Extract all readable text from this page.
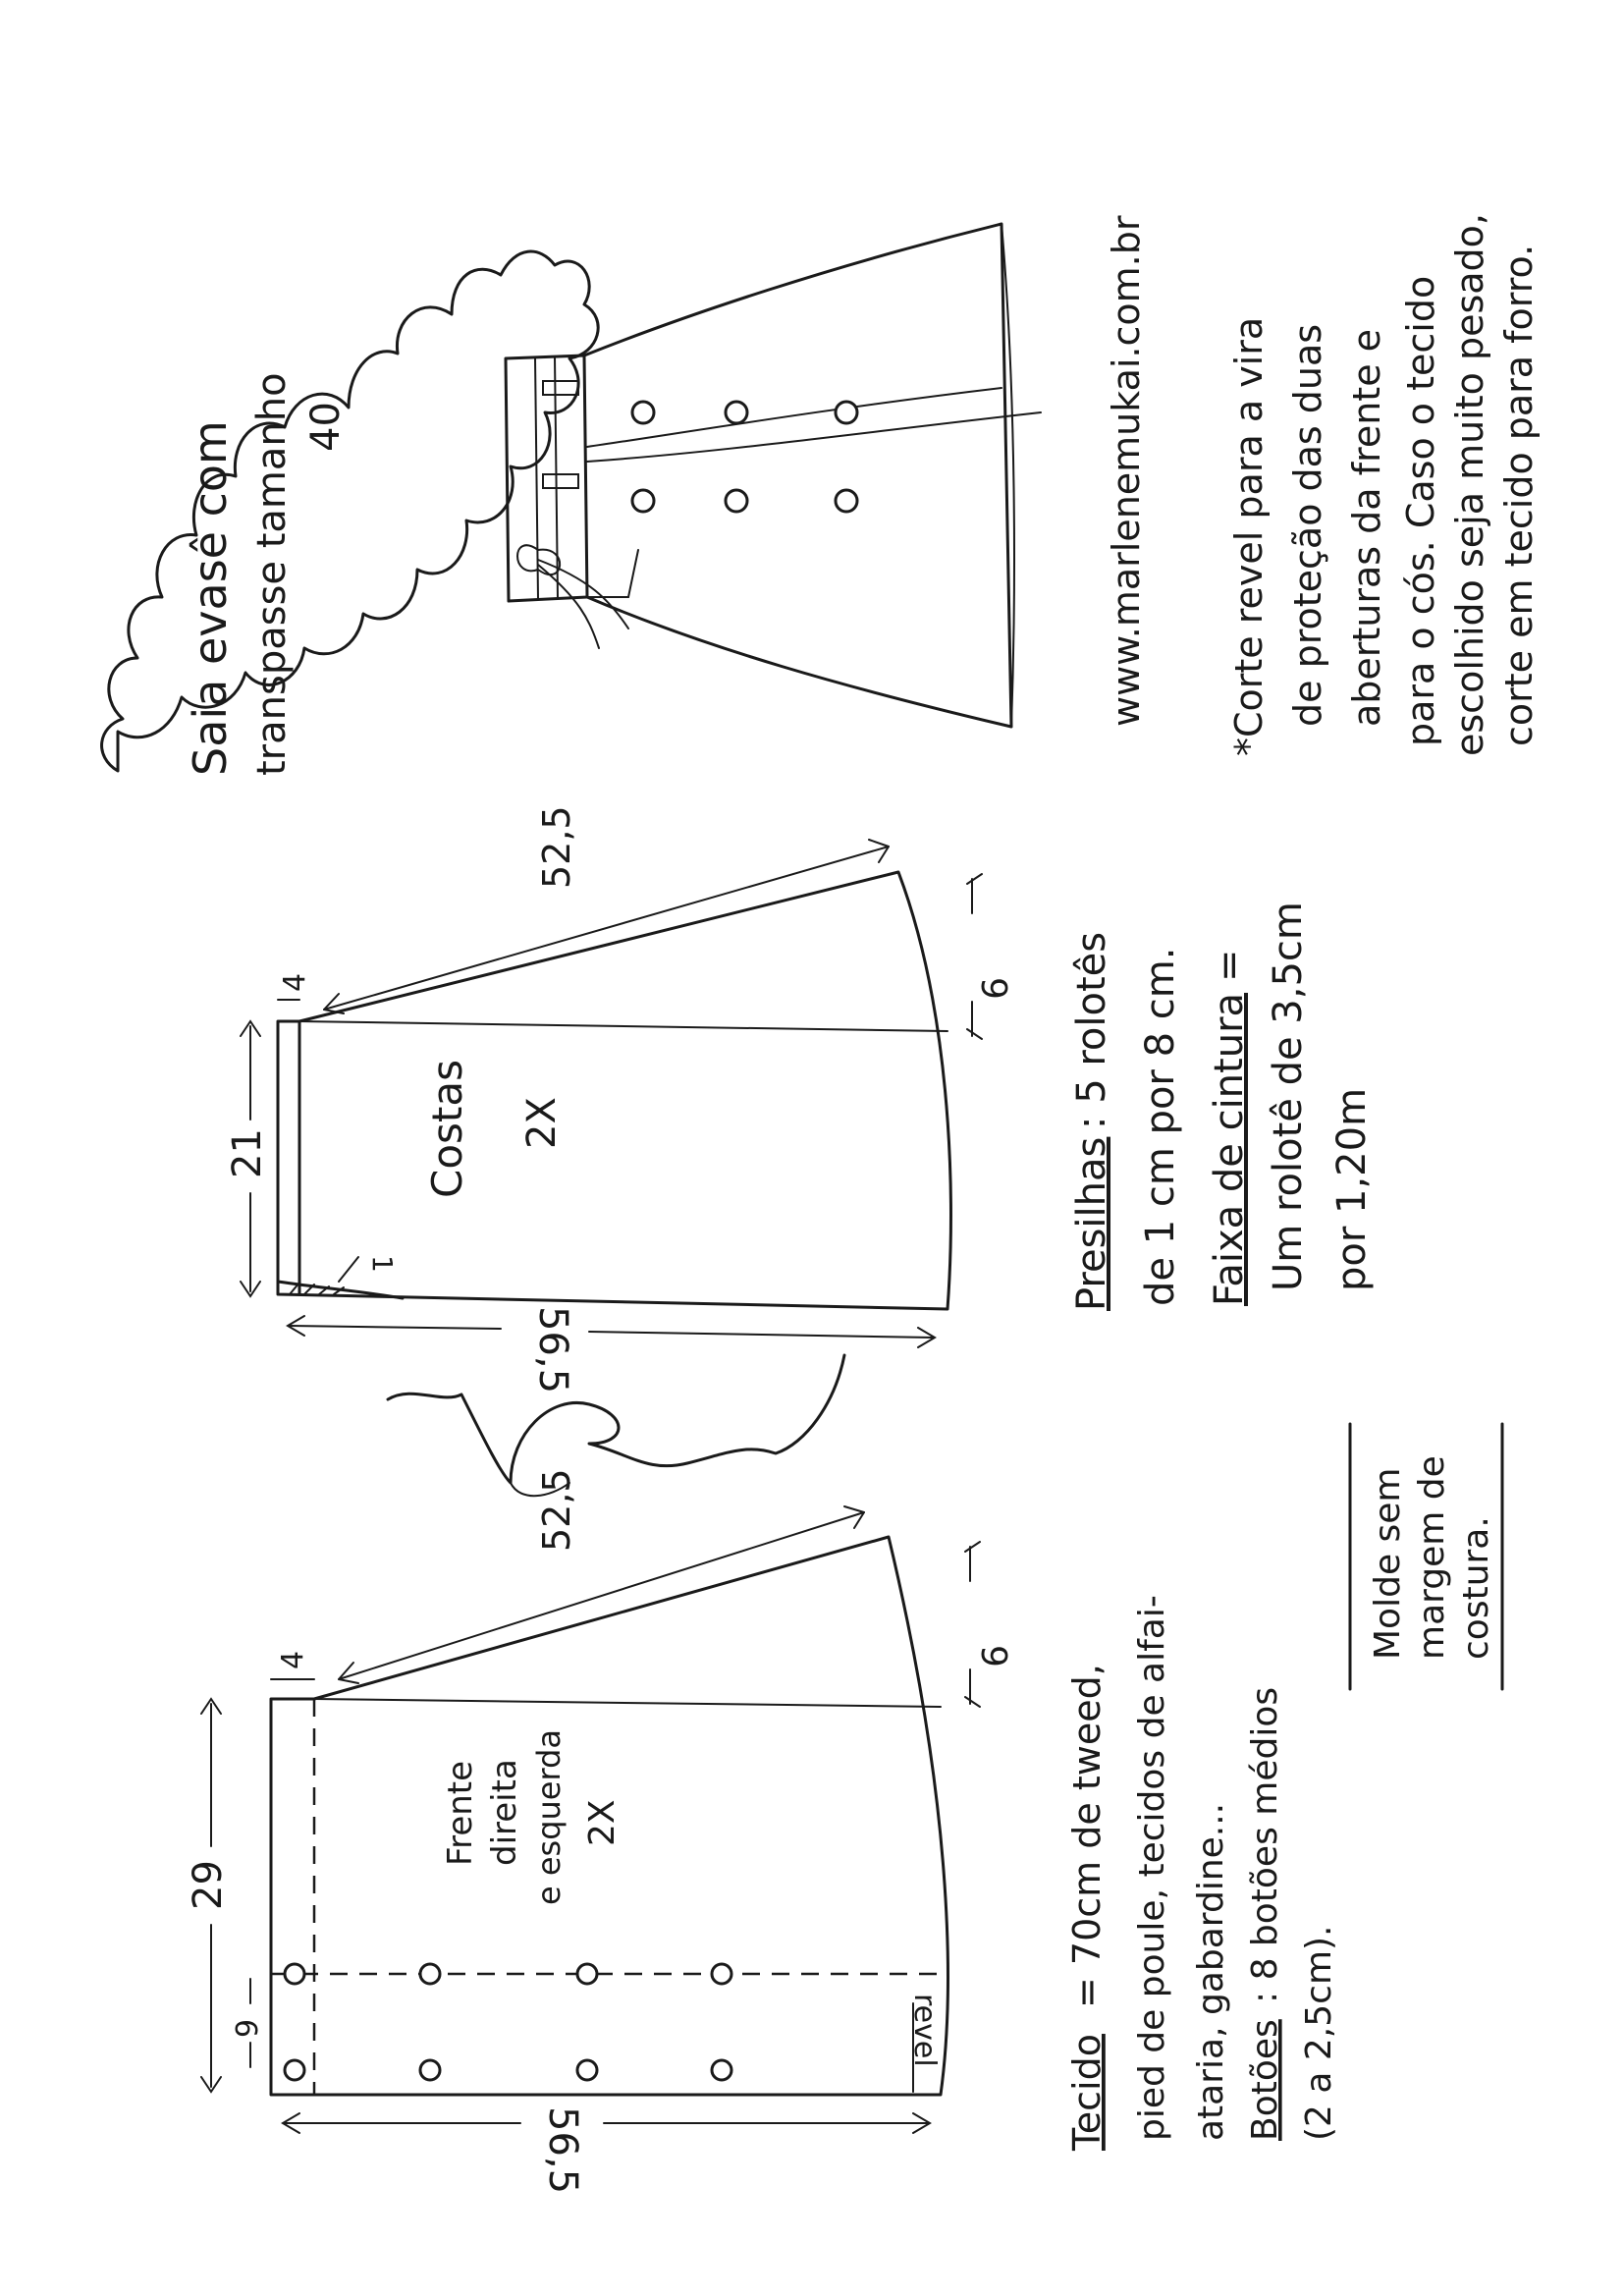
Saia evasê com transpasse tamanho 40	www.marlenemukai.com.br *Corte revel para a vira de proteção das duas aberturas da frente e para o cós. Caso o tecido escolhido seja muito pesado, corte em tecido para forro.
52,5
4	9
21
56,5
1
Costas 2X
Presilhas
: 5 rolotês de 1 cm por 8 cm. Faixa de cintura
= Um rolotê de 3,5cm por 1,20m
revel
52,5
4	9
29
9
56,5
Frente direita e esquerda 2X
Tecido
= 70cm de tweed, pied de poule, tecidos de alfai- ataria, gabardine... Botões
: 8 botões médios
(2 a 2,5cm).
Molde sem margem de costura.
